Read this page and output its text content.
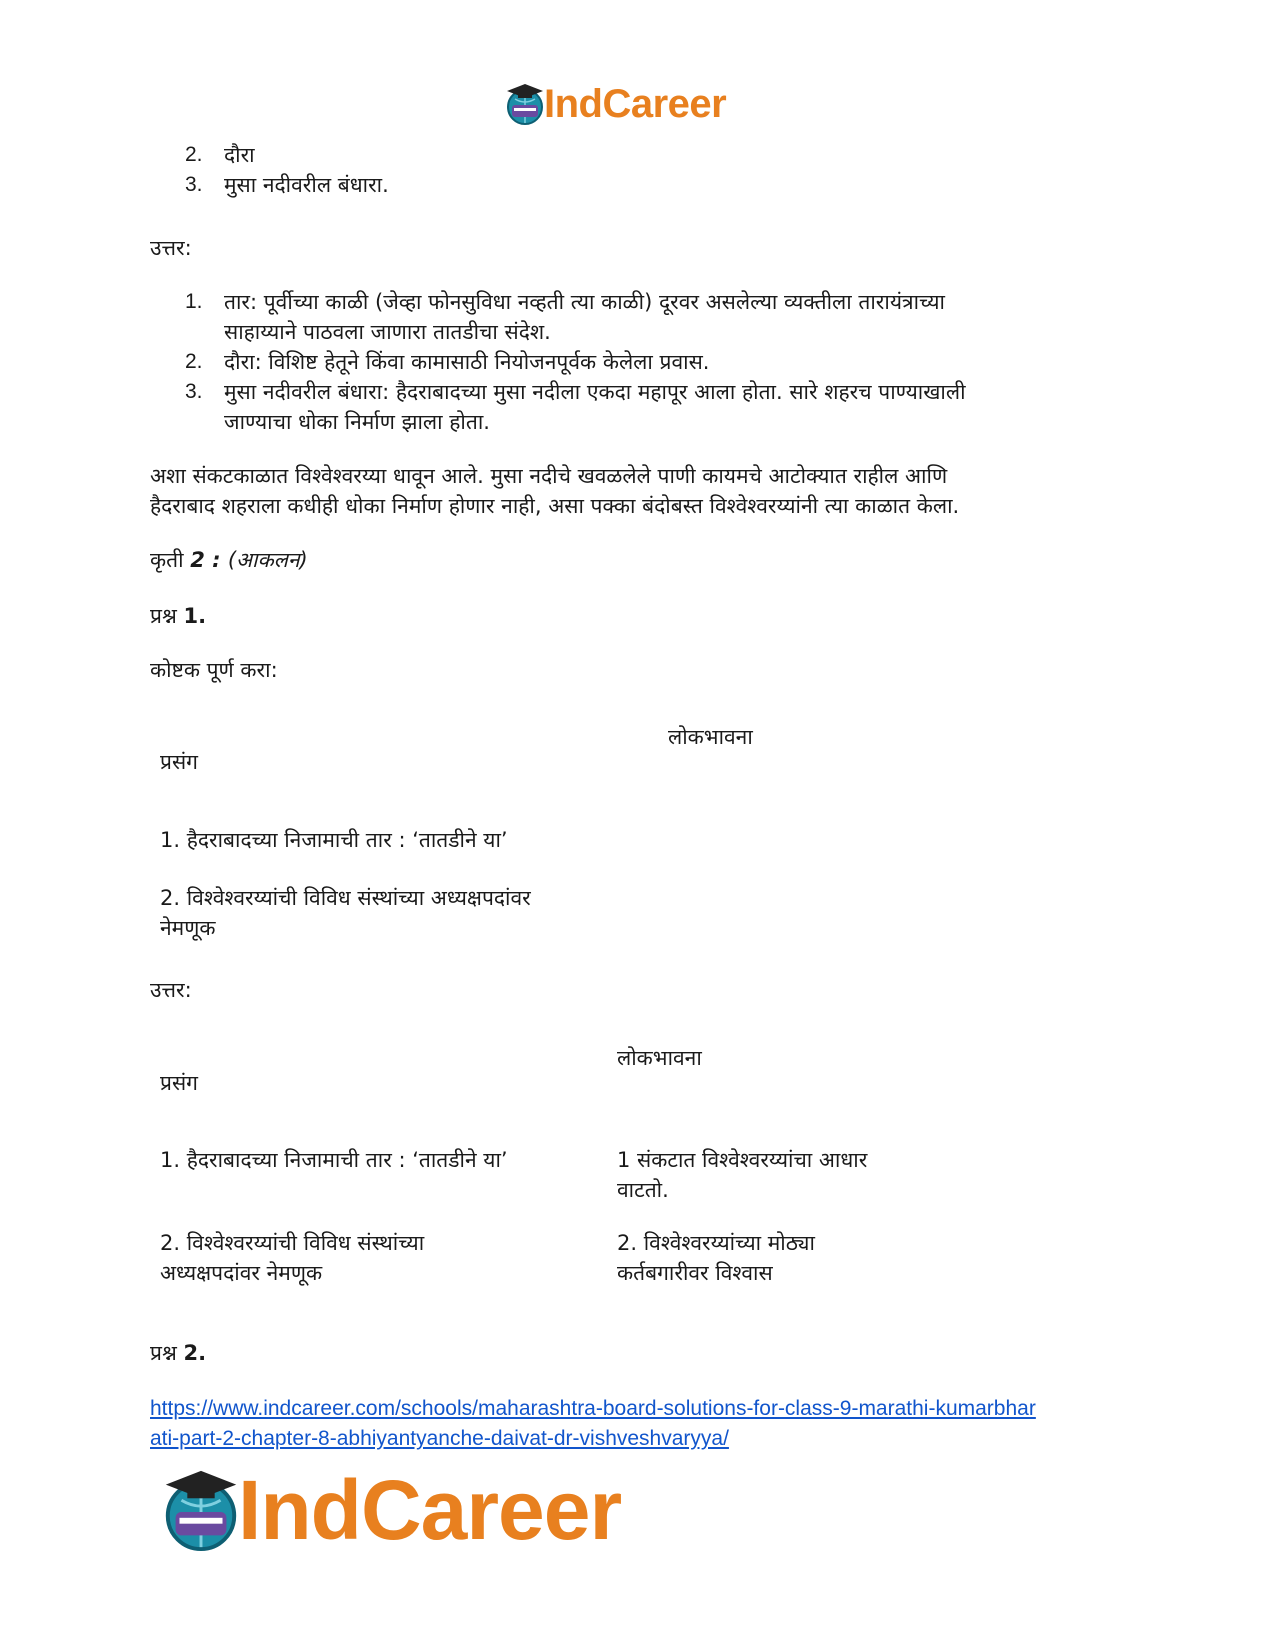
IndCareer
2. दौरा
3. मुसा नदीवरील बंधारा.
उत्तर:
1. तार: पूर्वीच्या काळी (जेव्हा फोनसुविधा नव्हती त्या काळी) दूरवर असलेल्या व्यक्तीला तारायंत्राच्या
साहाय्याने पाठवला जाणारा तातडीचा संदेश.
2. दौरा: विशिष्ट हेतूने किंवा कामासाठी नियोजनपूर्वक केलेला प्रवास.
3. मुसा नदीवरील बंधारा: हैदराबादच्या मुसा नदीला एकदा महापूर आला होता. सारे शहरच पाण्याखाली
जाण्याचा धोका निर्माण झाला होता.
अशा संकटकाळात विश्वेश्वरय्या धावून आले. मुसा नदीचे खवळलेले पाणी कायमचे आटोक्यात राहील आणि
हैदराबाद शहराला कधीही धोका निर्माण होणार नाही, असा पक्का बंदोबस्त विश्वेश्वरय्यांनी त्या काळात केला.
कृती 2 : (आकलन)
प्रश्न 1.
कोष्टक पूर्ण करा:
लोकभावना
प्रसंग
1. हैदराबादच्या निजामाची तार : ‘तातडीने या’
2. विश्वेश्वरय्यांची विविध संस्थांच्या अध्यक्षपदांवर
नेमणूक
उत्तर:
लोकभावना
प्रसंग
1. हैदराबादच्या निजामाची तार : ‘तातडीने या’	1 संकटात विश्वेश्वरय्यांचा आधार
वाटतो.
2. विश्वेश्वरय्यांची विविध संस्थांच्या
अध्यक्षपदांवर नेमणूक
2. विश्वेश्वरय्यांच्या मोठ्या
कर्तबगारीवर विश्वास
प्रश्न 2.
https://www.indcareer.com/schools/maharashtra-board-solutions-for-class-9-marathi-kumarbhar
ati-part-2-chapter-8-abhiyantyanche-daivat-dr-vishveshvaryya/
IndCareer
